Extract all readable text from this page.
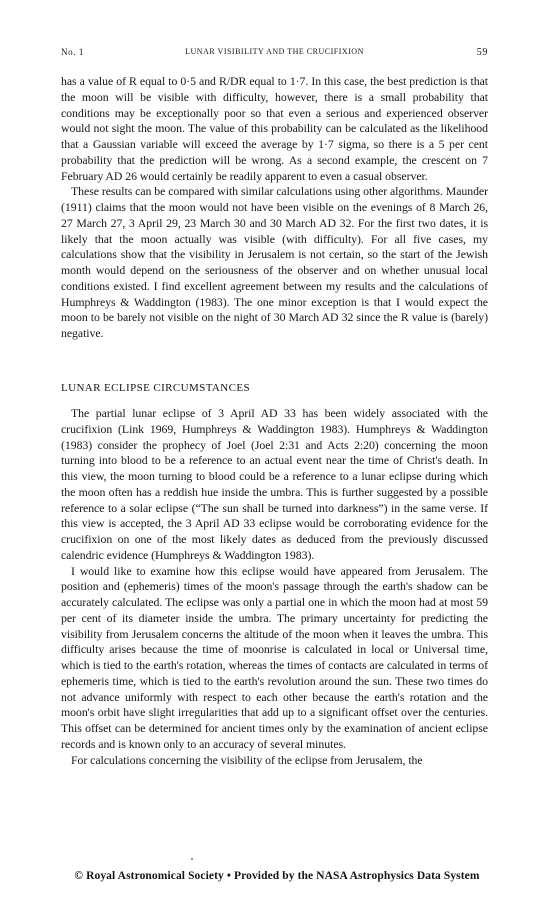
No. 1	LUNAR VISIBILITY AND THE CRUCIFIXION	59

has a value of R equal to 0·5 and R/DR equal to 1·7. In this case, the best prediction is that the moon will be visible with difficulty, however, there is a small probability that conditions may be exceptionally poor so that even a serious and experienced observer would not sight the moon. The value of this probability can be calculated as the likelihood that a Gaussian variable will exceed the average by 1·7 sigma, so there is a 5 per cent probability that the prediction will be wrong. As a second example, the crescent on 7 February AD 26 would certainly be readily apparent to even a casual observer.

These results can be compared with similar calculations using other algorithms. Maunder (1911) claims that the moon would not have been visible on the evenings of 8 March 26, 27 March 27, 3 April 29, 23 March 30 and 30 March AD 32. For the first two dates, it is likely that the moon actually was visible (with difficulty). For all five cases, my calculations show that the visibility in Jerusalem is not certain, so the start of the Jewish month would depend on the seriousness of the observer and on whether unusual local conditions existed. I find excellent agreement between my results and the calculations of Humphreys & Waddington (1983). The one minor exception is that I would expect the moon to be barely not visible on the night of 30 March AD 32 since the R value is (barely) negative.

LUNAR ECLIPSE CIRCUMSTANCES

The partial lunar eclipse of 3 April AD 33 has been widely associated with the crucifixion (Link 1969, Humphreys & Waddington 1983). Humphreys & Waddington (1983) consider the prophecy of Joel (Joel 2:31 and Acts 2:20) concerning the moon turning into blood to be a reference to an actual event near the time of Christ's death. In this view, the moon turning to blood could be a reference to a lunar eclipse during which the moon often has a reddish hue inside the umbra. This is further suggested by a possible reference to a solar eclipse (“The sun shall be turned into darkness”) in the same verse. If this view is accepted, the 3 April AD 33 eclipse would be corroborating evidence for the crucifixion on one of the most likely dates as deduced from the previously discussed calendric evidence (Humphreys & Waddington 1983).

I would like to examine how this eclipse would have appeared from Jerusalem. The position and (ephemeris) times of the moon's passage through the earth's shadow can be accurately calculated. The eclipse was only a partial one in which the moon had at most 59 per cent of its diameter inside the umbra. The primary uncertainty for predicting the visibility from Jerusalem concerns the altitude of the moon when it leaves the umbra. This difficulty arises because the time of moonrise is calculated in local or Universal time, which is tied to the earth's rotation, whereas the times of contacts are calculated in terms of ephemeris time, which is tied to the earth's revolution around the sun. These two times do not advance uniformly with respect to each other because the earth's rotation and the moon's orbit have slight irregularities that add up to a significant offset over the centuries. This offset can be determined for ancient times only by the examination of ancient eclipse records and is known only to an accuracy of several minutes.

For calculations concerning the visibility of the eclipse from Jerusalem, the

© Royal Astronomical Society • Provided by the NASA Astrophysics Data System
